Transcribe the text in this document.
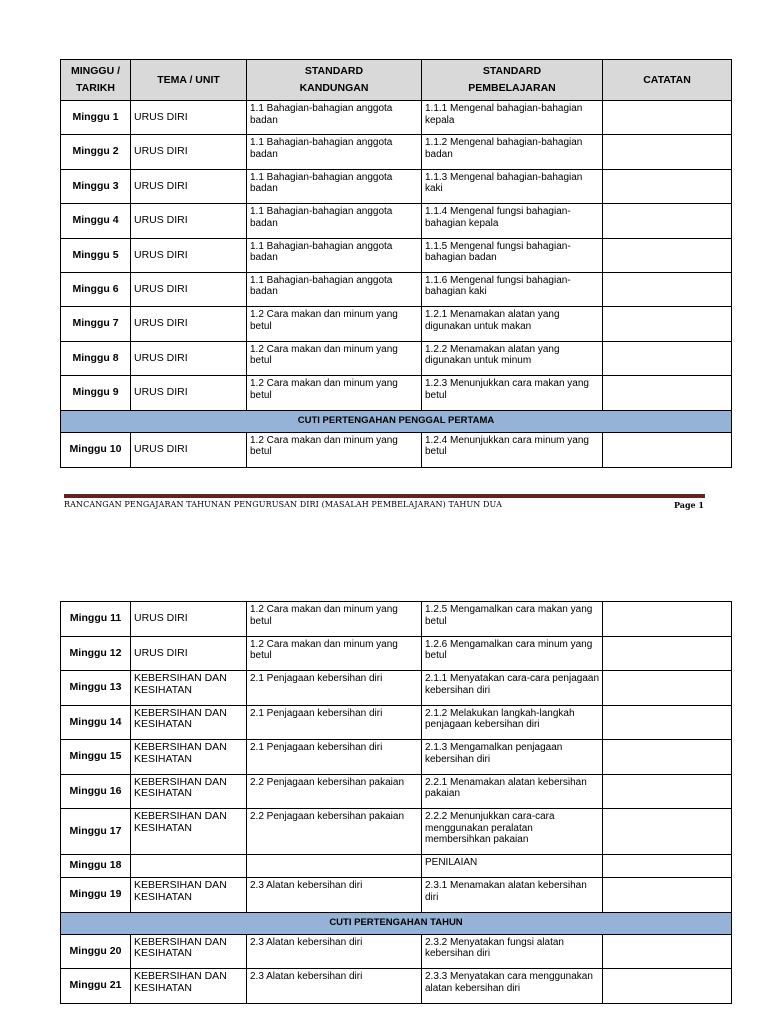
MINGGU / TARIKH	TEMA / UNIT	STANDARD KANDUNGAN	STANDARD PEMBELAJARAN	CATATAN
Minggu 1	URUS DIRI	1.1 Bahagian-bahagian anggota badan	1.1.1 Mengenal bahagian-bahagian kepala	
Minggu 2	URUS DIRI	1.1 Bahagian-bahagian anggota badan	1.1.2 Mengenal bahagian-bahagian badan	
Minggu 3	URUS DIRI	1.1 Bahagian-bahagian anggota badan	1.1.3 Mengenal bahagian-bahagian kaki	
Minggu 4	URUS DIRI	1.1 Bahagian-bahagian anggota badan	1.1.4 Mengenal fungsi bahagian-bahagian kepala	
Minggu 5	URUS DIRI	1.1 Bahagian-bahagian anggota badan	1.1.5 Mengenal fungsi bahagian-bahagian badan	
Minggu 6	URUS DIRI	1.1 Bahagian-bahagian anggota badan	1.1.6 Mengenal fungsi bahagian-bahagian kaki	
Minggu 7	URUS DIRI	1.2 Cara makan dan minum yang betul	1.2.1 Menamakan alatan yang digunakan untuk makan	
Minggu 8	URUS DIRI	1.2 Cara makan dan minum yang betul	1.2.2 Menamakan alatan yang digunakan untuk minum	
Minggu 9	URUS DIRI	1.2 Cara makan dan minum yang betul	1.2.3 Menunjukkan cara makan yang betul	
CUTI PERTENGAHAN PENGGAL PERTAMA				
Minggu 10	URUS DIRI	1.2 Cara makan dan minum yang betul	1.2.4 Menunjukkan cara minum yang betul	
RANCANGAN PENGAJARAN TAHUNAN PENGURUSAN DIRI (MASALAH PEMBELAJARAN) TAHUN DUA	Page 1
Minggu 11	URUS DIRI	1.2 Cara makan dan minum yang betul	1.2.5 Mengamalkan cara makan yang betul	
Minggu 12	URUS DIRI	1.2 Cara makan dan minum yang betul	1.2.6 Mengamalkan cara minum yang betul	
Minggu 13	KEBERSIHAN DAN KESIHATAN	2.1 Penjagaan kebersihan diri	2.1.1 Menyatakan cara-cara penjagaan kebersihan diri	
Minggu 14	KEBERSIHAN DAN KESIHATAN	2.1 Penjagaan kebersihan diri	2.1.2 Melakukan langkah-langkah penjagaan kebersihan diri	
Minggu 15	KEBERSIHAN DAN KESIHATAN	2.1 Penjagaan kebersihan diri	2.1.3 Mengamalkan penjagaan kebersihan diri	
Minggu 16	KEBERSIHAN DAN KESIHATAN	2.2 Penjagaan kebersihan pakaian	2.2.1 Menamakan alatan kebersihan pakaian	
Minggu 17	KEBERSIHAN DAN KESIHATAN	2.2 Penjagaan kebersihan pakaian	2.2.2 Menunjukkan cara-cara menggunakan peralatan membersihkan pakaian	
Minggu 18			PENILAIAN	
Minggu 19	KEBERSIHAN DAN KESIHATAN	2.3 Alatan kebersihan diri	2.3.1 Menamakan alatan kebersihan diri	
CUTI PERTENGAHAN TAHUN				
Minggu 20	KEBERSIHAN DAN KESIHATAN	2.3 Alatan kebersihan diri	2.3.2 Menyatakan fungsi alatan kebersihan diri	
Minggu 21	KEBERSIHAN DAN KESIHATAN	2.3 Alatan kebersihan diri	2.3.3 Menyatakan cara menggunakan alatan kebersihan diri	
